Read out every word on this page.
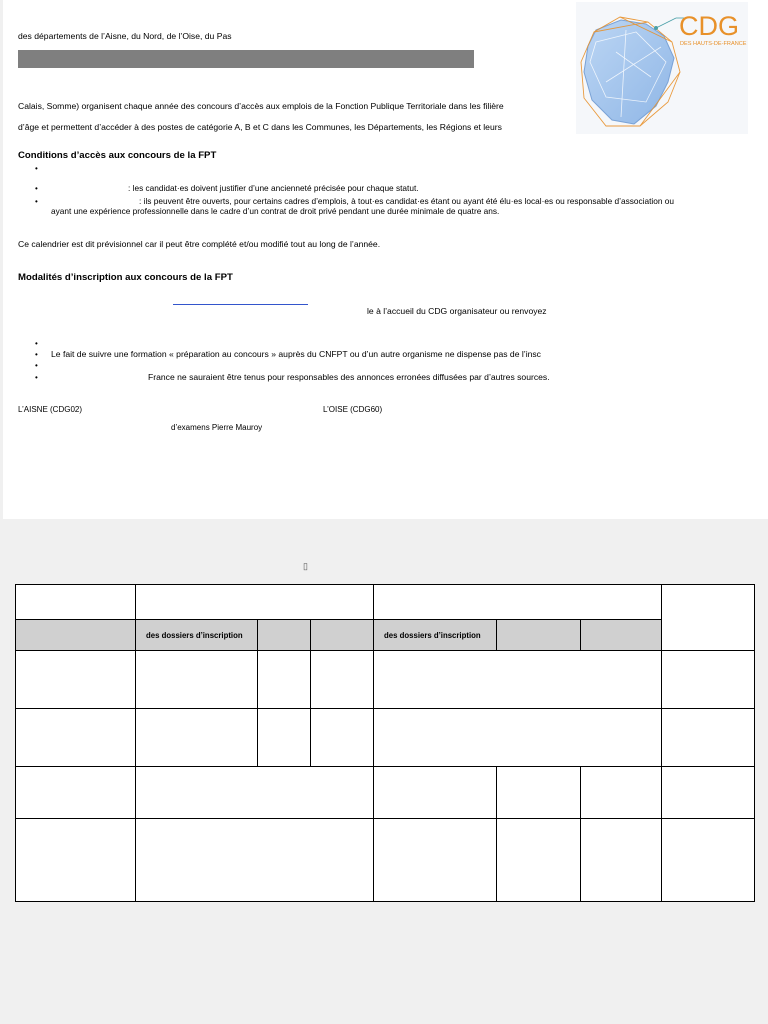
des départements de l’Aisne, du Nord, de l’Oise, du Pas	CDG
DES HAUTS-DE-FRANCE
Calais, Somme) organisent chaque année des concours d’accès aux emplois de la Fonction Publique Territoriale dans les filière
d’âge et permettent d’accéder à des postes de catégorie A, B et C dans les Communes, les Départements, les Régions et leurs
Conditions d’accès aux concours de la FPT
•
•	: les candidat·es doivent justifier d’une ancienneté précisée pour chaque statut.
•	: ils peuvent être ouverts, pour certains cadres d’emplois, à tout·es candidat·es étant ou ayant été élu·es local·es ou responsable d’association ou
ayant une expérience professionnelle dans le cadre d’un contrat de droit privé pendant une durée minimale de quatre ans.
Ce calendrier est dit prévisionnel car il peut être complété et/ou modifié tout au long de l’année.
Modalités d’inscription aux concours de la FPT
le à l’accueil du CDG organisateur ou renvoyez
•
• Le fait de suivre une formation « préparation au concours » auprès du CNFPT ou d’un autre organisme ne dispense pas de l’insc
•
•	France ne sauraient être tenus pour responsables des annonces erronées diffusées par d’autres sources.
L’AISNE (CDG02)	L’OISE (CDG60)
d’examens Pierre Mauroy
▯

	des dossiers d’inscription			des dossiers d’inscription			
